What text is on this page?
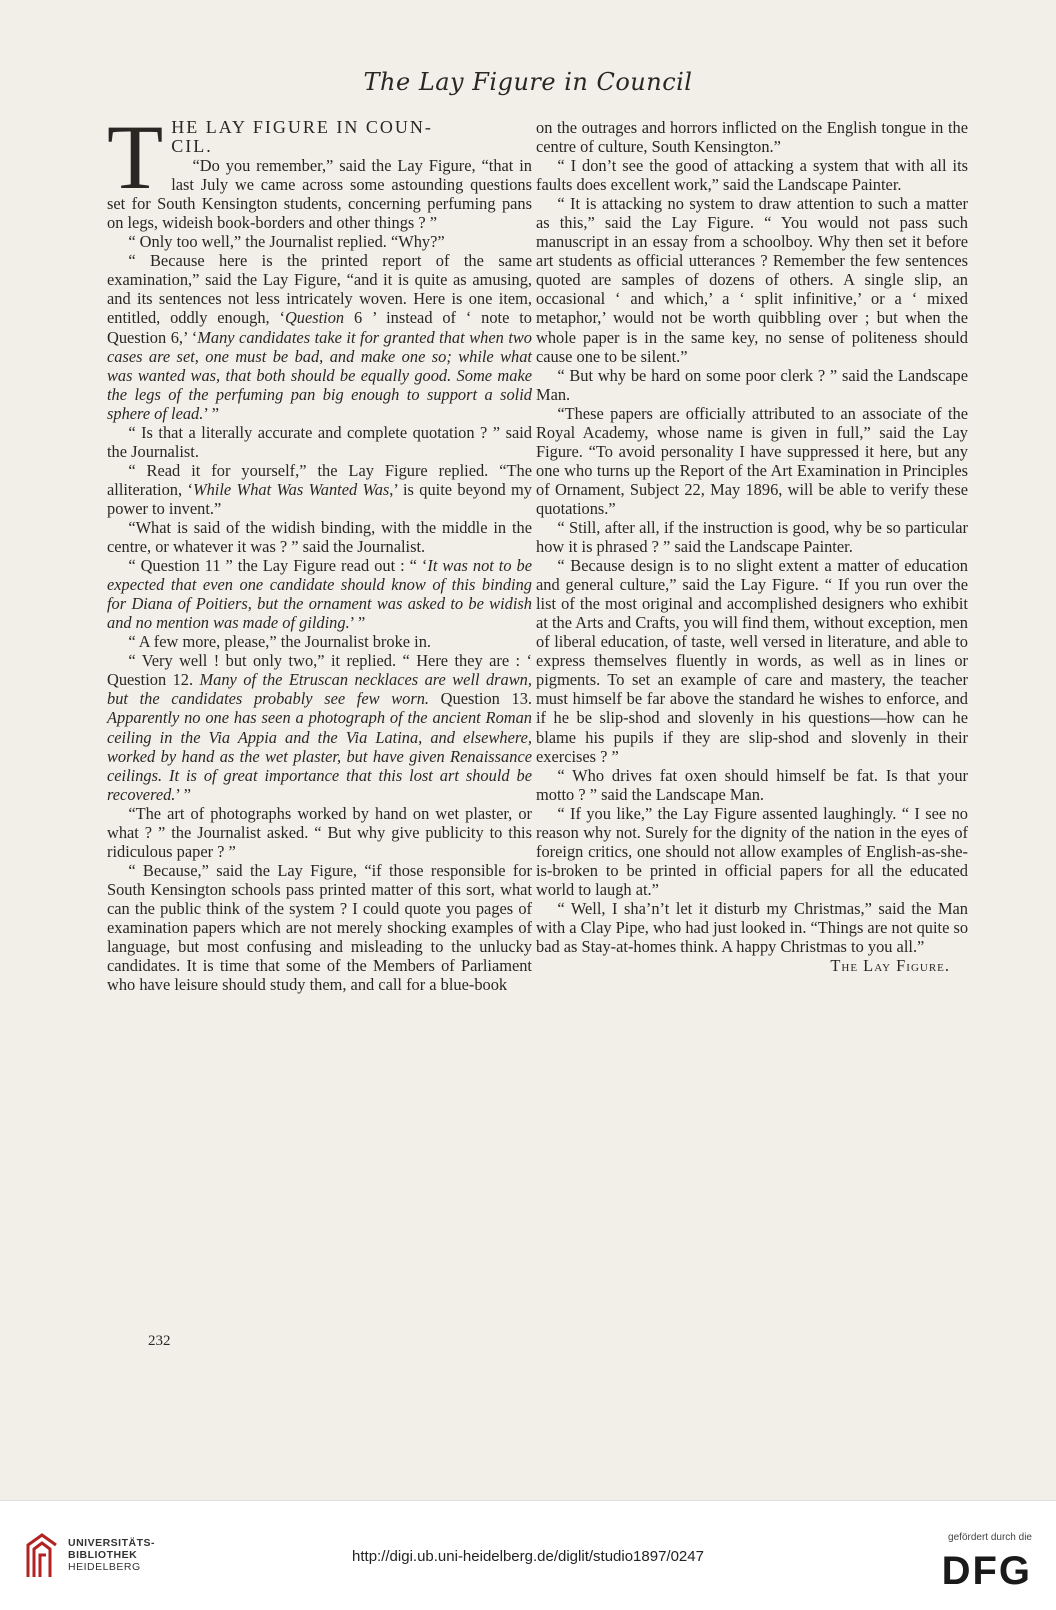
The Lay Figure in Council

T HE LAY FIGURE IN COUN-
CIL.

“Do you remember,” said the Lay Figure, “that in last July we came across some astounding questions set for South Kensington students, concerning perfuming pans on legs, wideish book-borders and other things ? ”

“ Only too well,” the Journalist replied. “Why?”

“ Because here is the printed report of the same examination,” said the Lay Figure, “and it is quite as amusing, and its sentences not less intricately woven. Here is one item, entitled, oddly enough, ‘Question 6 ’ instead of ‘ note to Question 6,’ ‘Many candidates take it for granted that when two cases are set, one must be bad, and make one so; while what was wanted was, that both should be equally good. Some make the legs of the perfuming pan big enough to support a solid sphere of lead.’ ”

“ Is that a literally accurate and complete quotation ? ” said the Journalist.

“ Read it for yourself,” the Lay Figure replied. “The alliteration, ‘While What Was Wanted Was,’ is quite beyond my power to invent.”

“What is said of the widish binding, with the middle in the centre, or whatever it was ? ” said the Journalist.

“ Question 11 ” the Lay Figure read out : “ ‘It was not to be expected that even one candidate should know of this binding for Diana of Poitiers, but the ornament was asked to be widish and no mention was made of gilding.’ ”

“ A few more, please,” the Journalist broke in.

“ Very well ! but only two,” it replied. “ Here they are : ‘ Question 12. Many of the Etruscan necklaces are well drawn, but the candidates probably see few worn. Question 13. Apparently no one has seen a photograph of the ancient Roman ceiling in the Via Appia and the Via Latina, and elsewhere, worked by hand as the wet plaster, but have given Renaissance ceilings. It is of great importance that this lost art should be recovered.’ ”

“The art of photographs worked by hand on wet plaster, or what ? ” the Journalist asked. “ But why give publicity to this ridiculous paper ? ”

“ Because,” said the Lay Figure, “if those responsible for South Kensington schools pass printed matter of this sort, what can the public think of the system ? I could quote you pages of examination papers which are not merely shocking examples of language, but most confusing and misleading to the unlucky candidates. It is time that some of the Members of Parliament who have leisure should study them, and call for a blue-book

on the outrages and horrors inflicted on the English tongue in the centre of culture, South Kensington.”

“ I don’t see the good of attacking a system that with all its faults does excellent work,” said the Landscape Painter.

“ It is attacking no system to draw attention to such a matter as this,” said the Lay Figure. “ You would not pass such manuscript in an essay from a schoolboy. Why then set it before art students as official utterances ? Remember the few sentences quoted are samples of dozens of others. A single slip, an occasional ‘ and which,’ a ‘ split infinitive,’ or a ‘ mixed metaphor,’ would not be worth quibbling over ; but when the whole paper is in the same key, no sense of politeness should cause one to be silent.”

“ But why be hard on some poor clerk ? ” said the Landscape Man.

“These papers are officially attributed to an associate of the Royal Academy, whose name is given in full,” said the Lay Figure. “To avoid personality I have suppressed it here, but any one who turns up the Report of the Art Examination in Principles of Ornament, Subject 22, May 1896, will be able to verify these quotations.”

“ Still, after all, if the instruction is good, why be so particular how it is phrased ? ” said the Landscape Painter.

“ Because design is to no slight extent a matter of education and general culture,” said the Lay Figure. “ If you run over the list of the most original and accomplished designers who exhibit at the Arts and Crafts, you will find them, without exception, men of liberal education, of taste, well versed in literature, and able to express themselves fluently in words, as well as in lines or pigments. To set an example of care and mastery, the teacher must himself be far above the standard he wishes to enforce, and if he be slip-shod and slovenly in his questions—how can he blame his pupils if they are slip-shod and slovenly in their exercises ? ”

“ Who drives fat oxen should himself be fat. Is that your motto ? ” said the Landscape Man.

“ If you like,” the Lay Figure assented laughingly. “ I see no reason why not. Surely for the dignity of the nation in the eyes of foreign critics, one should not allow examples of English-as-she-is-broken to be printed in official papers for all the educated world to laugh at.”

“ Well, I sha’n’t let it disturb my Christmas,” said the Man with a Clay Pipe, who had just looked in. “Things are not quite so bad as Stay-at-homes think. A happy Christmas to you all.”

The Lay Figure.
232
UNIVERSITÄTS-
BIBLIOTHEK
HEIDELBERG
http://digi.ub.uni-heidelberg.de/diglit/studio1897/0247
gefördert durch die
DFG
